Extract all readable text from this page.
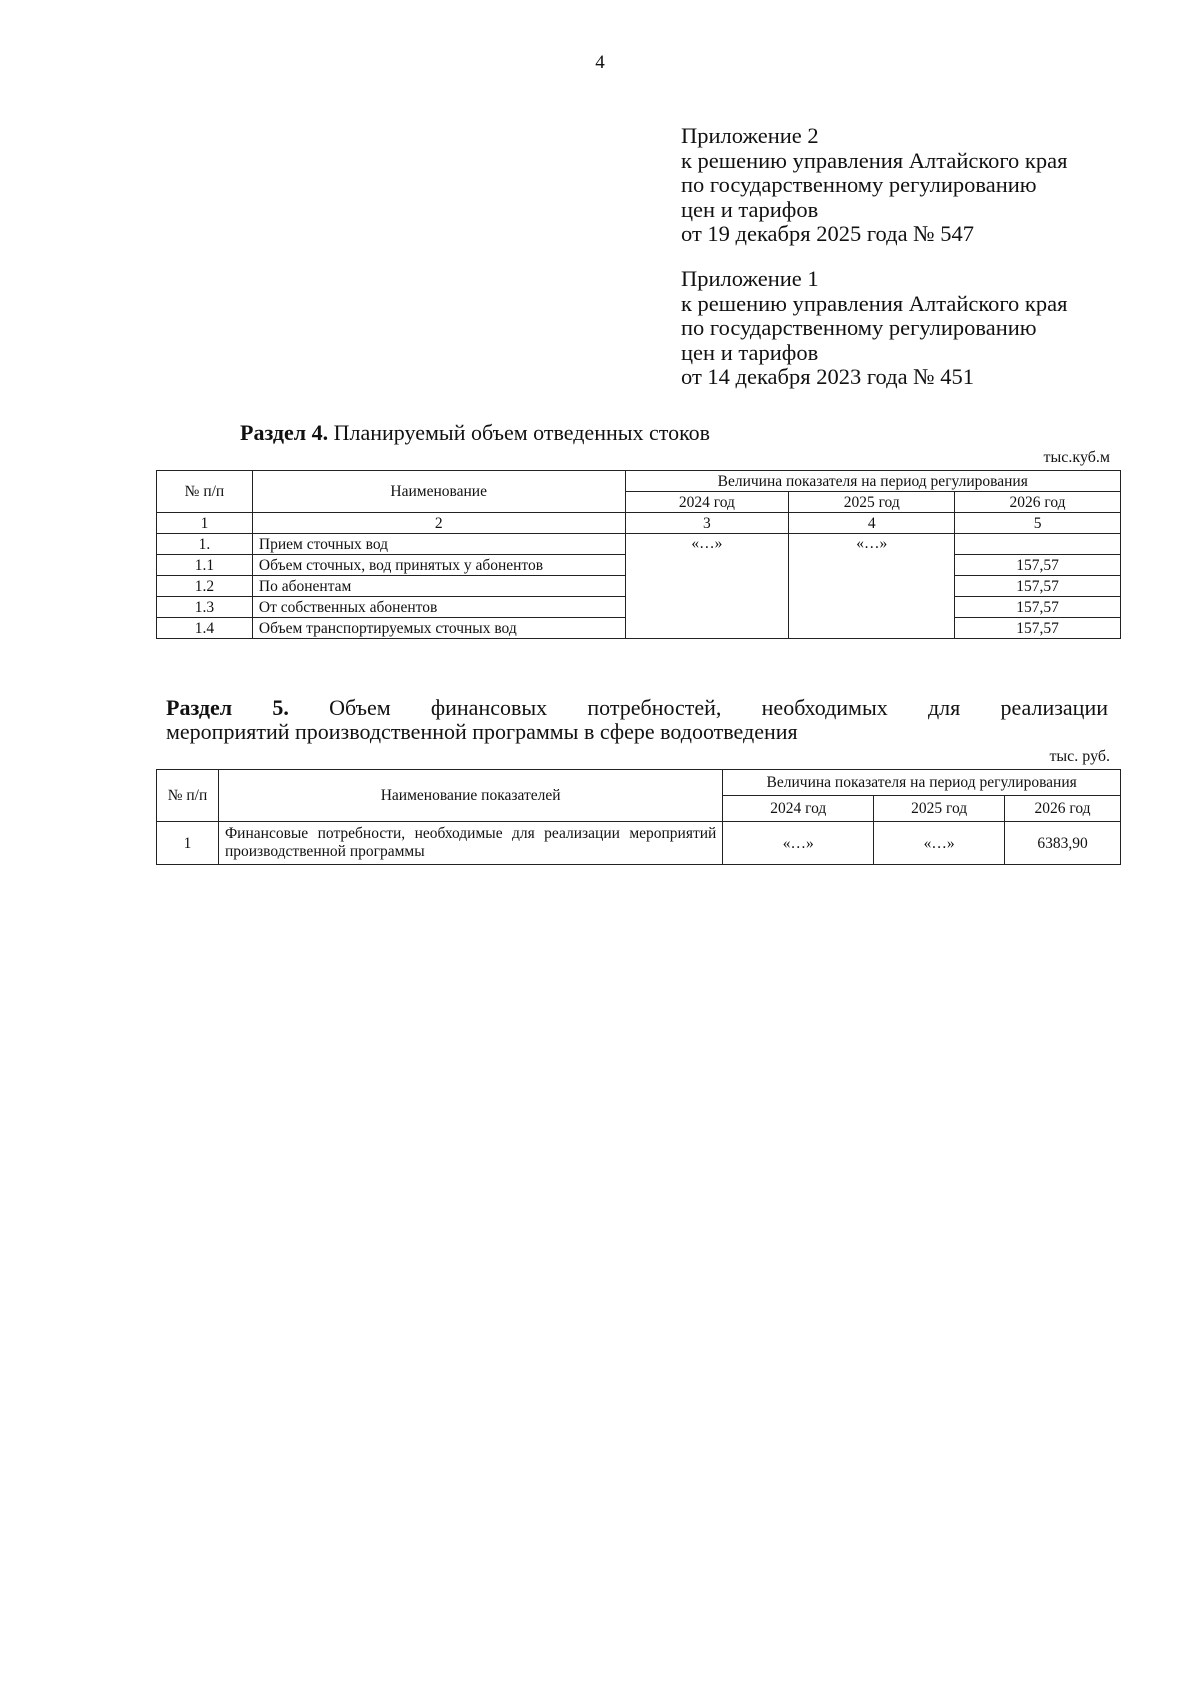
4
Приложение 2
к решению управления Алтайского края
по государственному регулированию
цен и тарифов
от 19 декабря 2025 года № 547
Приложение 1
к решению управления Алтайского края
по государственному регулированию
цен и тарифов
от 14 декабря 2023 года № 451
Раздел 4. Планируемый объем отведенных стоков
тыс.куб.м
№ п/п	Наименование	Величина показателя на период регулирования		
		2024 год	2025 год	2026 год
1	2	3	4	5
1.	Прием сточных вод	«…»	«…»	
1.1	Объем сточных, вод принятых у абонентов			157,57
1.2	По абонентам			157,57
1.3	От собственных абонентов			157,57
1.4	Объем транспортируемых сточных вод			157,57
Раздел 5. Объем финансовых потребностей, необходимых для реализации
мероприятий производственной программы в сфере водоотведения
тыс. руб.
№ п/п	Наименование показателей	Величина показателя на период регулирования		
		2024 год	2025 год	2026 год
1	Финансовые потребности, необходимые для реализации мероприятий производственной программы	«…»	«…»	6383,90
